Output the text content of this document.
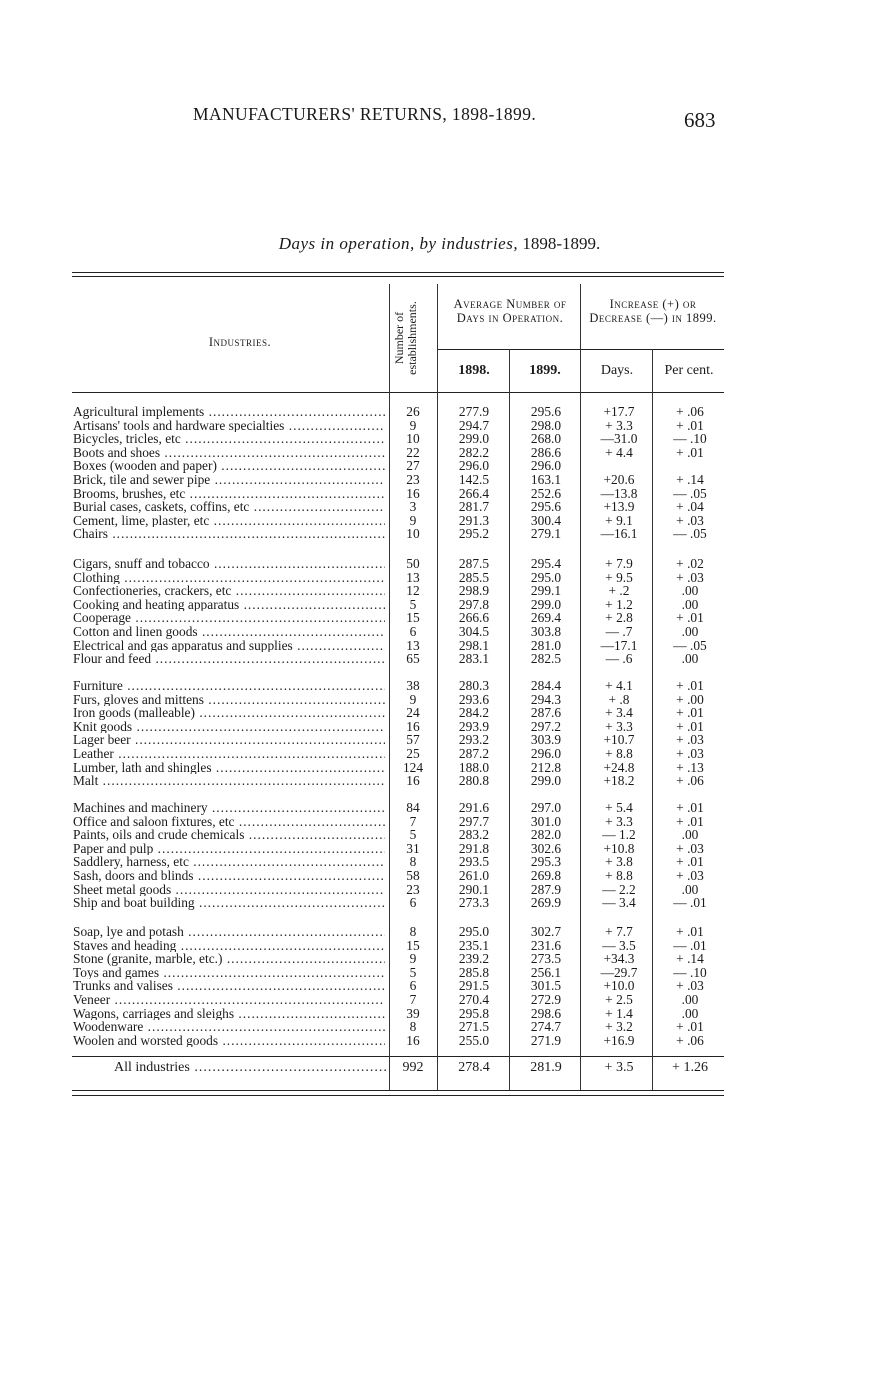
MANUFACTURERS' RETURNS, 1898-1899.	683
Days in operation, by industries, 1898-1899.
Industries.	Number of establishments.	Average Number of Days in Operation.
Increase (+) or Decrease (—) in 1899.
1898.	1899.	Days.	Per cent.
Agricultural implements .....	26	277.9	295.6	+17.7	+ .06
Artisans' tools and hardware specialties .....	9	294.7	298.0	+ 3.3	+ .01
Bicycles, tricles, etc .....	10	299.0	268.0	—31.0	— .10
Boots and shoes .....	22	282.2	286.6	+ 4.4	+ .01
Boxes (wooden and paper) .....	27	296.0	296.0
Brick, tile and sewer pipe .....	23	142.5	163.1	+20.6	+ .14
Brooms, brushes, etc .....	16	266.4	252.6	—13.8	— .05
Burial cases, caskets, coffins, etc .....	3	281.7	295.6	+13.9	+ .04
Cement, lime, plaster, etc .....	9	291.3	300.4	+ 9.1	+ .03
Chairs .....	10	295.2	279.1	—16.1	— .05
Cigars, snuff and tobacco .....	50	287.5	295.4	+ 7.9	+ .02
Clothing .....	13	285.5	295.0	+ 9.5	+ .03
Confectioneries, crackers, etc .....	12	298.9	299.1	+ .2	.00
Cooking and heating apparatus .....	5	297.8	299.0	+ 1.2	.00
Cooperage .....	15	266.6	269.4	+ 2.8	+ .01
Cotton and linen goods .....	6	304.5	303.8	— .7	.00
Electrical and gas apparatus and supplies .....	13	298.1	281.0	—17.1	— .05
Flour and feed .....	65	283.1	282.5	— .6	.00
Furniture .....	38	280.3	284.4	+ 4.1	+ .01
Furs, gloves and mittens .....	9	293.6	294.3	+ .8	+ .00
Iron goods (malleable) .....	24	284.2	287.6	+ 3.4	+ .01
Knit goods .....	16	293.9	297.2	+ 3.3	+ .01
Lager beer .....	57	293.2	303.9	+10.7	+ .03
Leather .....	25	287.2	296.0	+ 8.8	+ .03
Lumber, lath and shingles .....	124	188.0	212.8	+24.8	+ .13
Malt .....	16	280.8	299.0	+18.2	+ .06
Machines and machinery .....	84	291.6	297.0	+ 5.4	+ .01
Office and saloon fixtures, etc .....	7	297.7	301.0	+ 3.3	+ .01
Paints, oils and crude chemicals .....	5	283.2	282.0	— 1.2	.00
Paper and pulp .....	31	291.8	302.6	+10.8	+ .03
Saddlery, harness, etc .....	8	293.5	295.3	+ 3.8	+ .01
Sash, doors and blinds .....	58	261.0	269.8	+ 8.8	+ .03
Sheet metal goods .....	23	290.1	287.9	— 2.2	.00
Ship and boat building .....	6	273.3	269.9	— 3.4	— .01
Soap, lye and potash .....	8	295.0	302.7	+ 7.7	+ .01
Staves and heading .....	15	235.1	231.6	— 3.5	— .01
Stone (granite, marble, etc.) .....	9	239.2	273.5	+34.3	+ .14
Toys and games .....	5	285.8	256.1	—29.7	— .10
Trunks and valises .....	6	291.5	301.5	+10.0	+ .03
Veneer .....	7	270.4	272.9	+ 2.5	.00
Wagons, carriages and sleighs .....	39	295.8	298.6	+ 1.4	.00
Woodenware .....	8	271.5	274.7	+ 3.2	+ .01
Woolen and worsted goods .....	16	255.0	271.9	+16.9	+ .06
All industries .....	992	278.4	281.9	+ 3.5	+ 1.26
